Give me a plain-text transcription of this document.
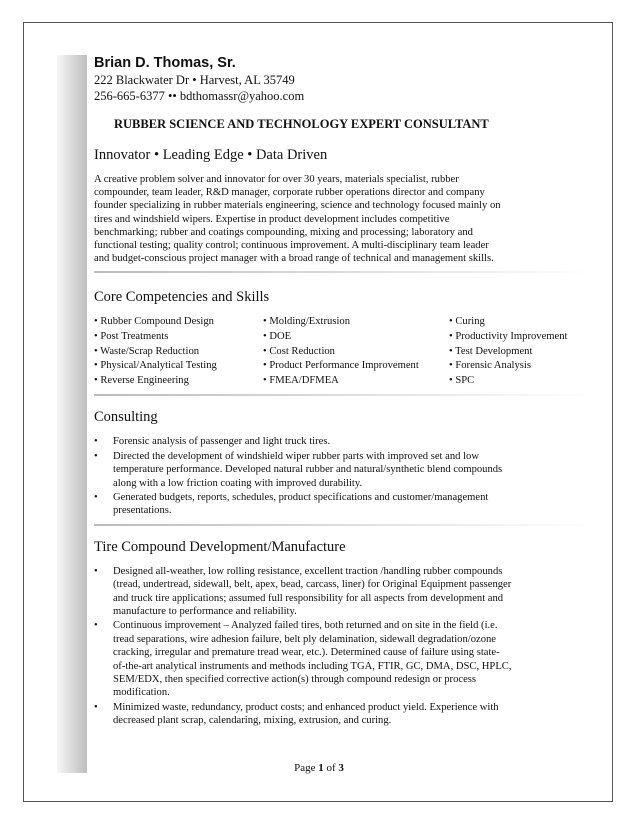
Brian D. Thomas, Sr.

222 Blackwater Dr • Harvest, AL 35749

256-665-6377 •• bdthomassr@yahoo.com

RUBBER SCIENCE AND TECHNOLOGY EXPERT CONSULTANT

Innovator • Leading Edge • Data Driven

A creative problem solver and innovator for over 30 years, materials specialist, rubber

compounder, team leader, R&D manager, corporate rubber operations director and company

founder specializing in rubber materials engineering, science and technology focused mainly on

tires and windshield wipers. Expertise in product development includes competitive

benchmarking; rubber and coatings compounding, mixing and processing; laboratory and

functional testing; quality control; continuous improvement. A multi-disciplinary team leader

and budget-conscious project manager with a broad range of technical and management skills.

Core Competencies and Skills

• Rubber Compound Design	• Molding/Extrusion	• Curing
• Post Treatments	• DOE	• Productivity Improvement
• Waste/Scrap Reduction	• Cost Reduction	• Test Development
• Physical/Analytical Testing	• Product Performance Improvement	• Forensic Analysis
• Reverse Engineering	• FMEA/DFMEA	• SPC

Consulting

• Forensic analysis of passenger and light truck tires.
• Directed the development of windshield wiper rubber parts with improved set and low
temperature performance. Developed natural rubber and natural/synthetic blend compounds
along with a low friction coating with improved durability.
• Generated budgets, reports, schedules, product specifications and customer/management
presentations.

Tire Compound Development/Manufacture

• Designed all-weather, low rolling resistance, excellent traction /handling rubber compounds
(tread, undertread, sidewall, belt, apex, bead, carcass, liner) for Original Equipment passenger
and truck tire applications; assumed full responsibility for all aspects from development and
manufacture to performance and reliability.
• Continuous improvement – Analyzed failed tires, both returned and on site in the field (i.e.
tread separations, wire adhesion failure, belt ply delamination, sidewall degradation/ozone
cracking, irregular and premature tread wear, etc.). Determined cause of failure using state-
of-the-art analytical instruments and methods including TGA, FTIR, GC, DMA, DSC, HPLC,
SEM/EDX, then specified corrective action(s) through compound redesign or process
modification.
• Minimized waste, redundancy, product costs; and enhanced product yield. Experience with
decreased plant scrap, calendaring, mixing, extrusion, and curing.
Page 1 of 3
